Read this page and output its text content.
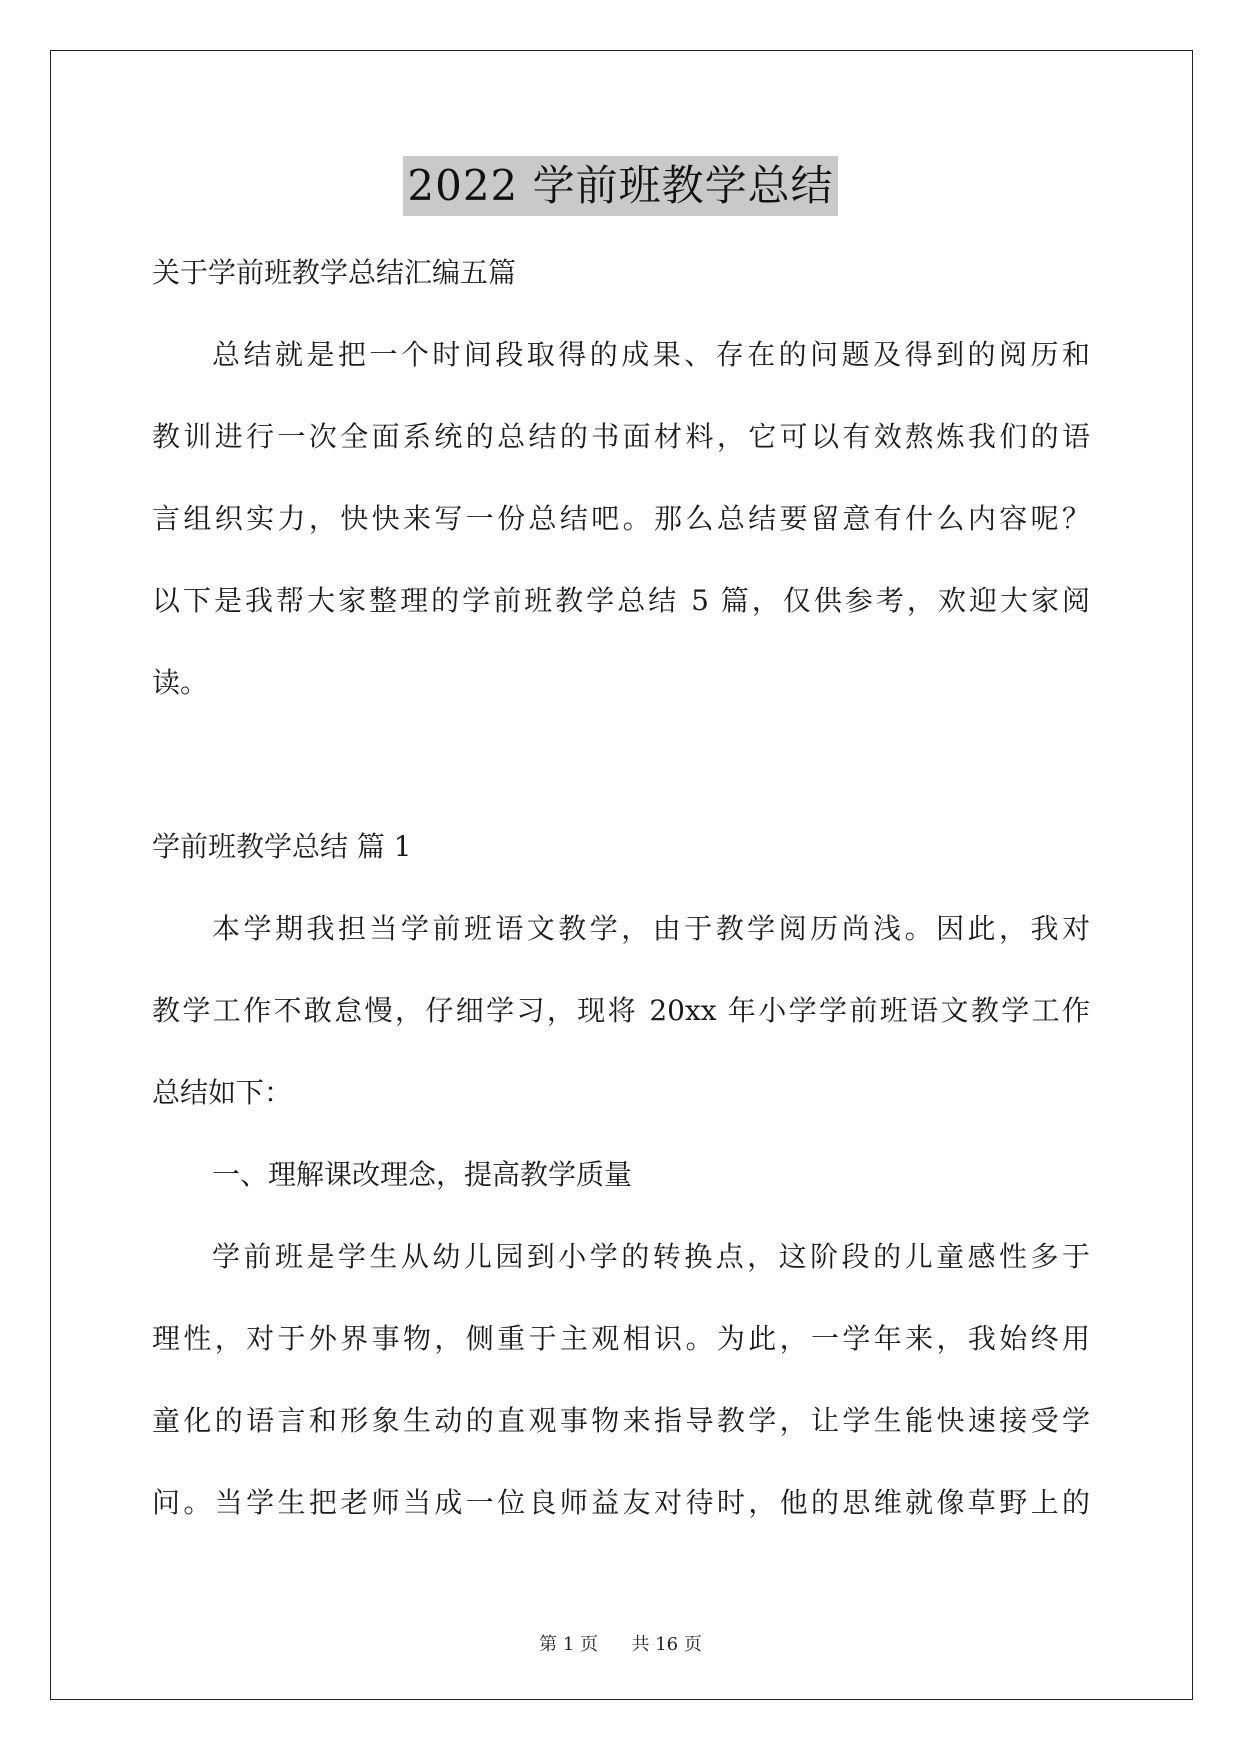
2022 学前班教学总结
关于学前班教学总结汇编五篇
总结就是把一个时间段取得的成果、存在的问题及得到的阅历和
教训进行一次全面系统的总结的书面材料，它可以有效熬炼我们的语
言组织实力，快快来写一份总结吧。那么总结要留意有什么内容呢？
以下是我帮大家整理的学前班教学总结 5 篇，仅供参考，欢迎大家阅
读。
学前班教学总结 篇 1
本学期我担当学前班语文教学，由于教学阅历尚浅。因此，我对
教学工作不敢怠慢，仔细学习，现将 20xx 年小学学前班语文教学工作
总结如下：
一、理解课改理念，提高教学质量
学前班是学生从幼儿园到小学的转换点，这阶段的儿童感性多于
理性，对于外界事物，侧重于主观相识。为此，一学年来，我始终用
童化的语言和形象生动的直观事物来指导教学，让学生能快速接受学
问。当学生把老师当成一位良师益友对待时，他的思维就像草野上的
第 1 页 共 16 页
